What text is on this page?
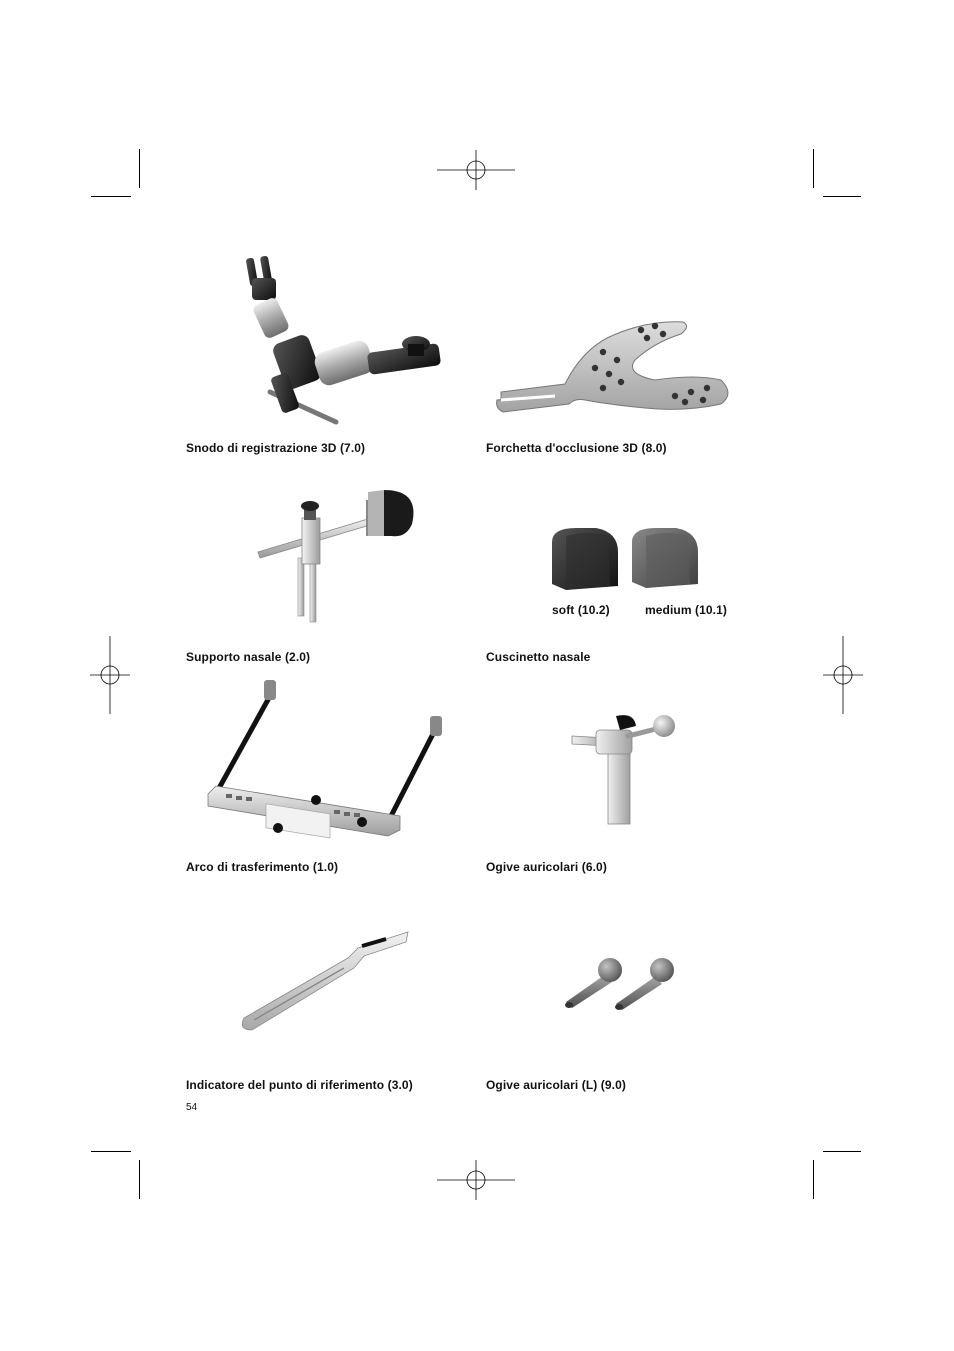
Snodo di registrazione 3D (7.0)	Forchetta d'occlusione 3D (8.0)
soft (10.2)	medium (10.1)
Supporto nasale (2.0)	Cuscinetto nasale
Arco di trasferimento (1.0)	Ogive auricolari (6.0)
Indicatore del punto di riferimento (3.0)	Ogive auricolari (L) (9.0)
54
